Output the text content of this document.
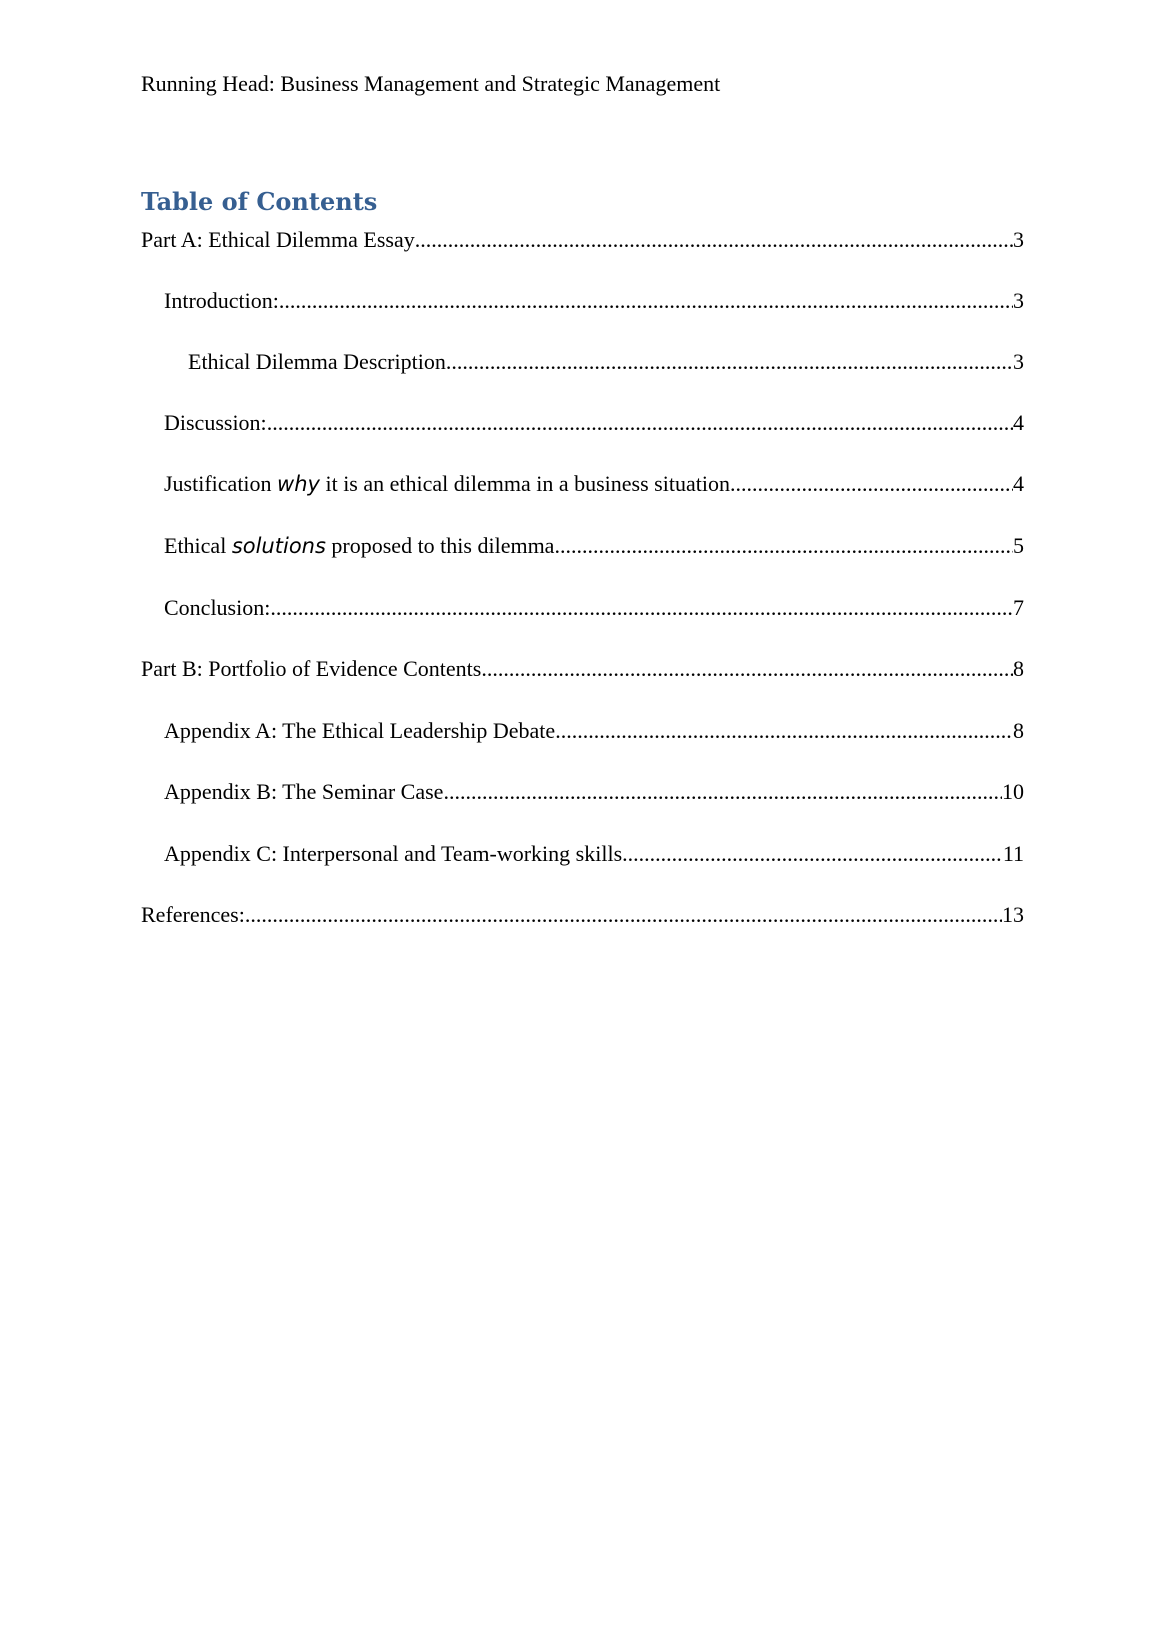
Running Head: Business Management and Strategic Management
Table of Contents
Part A: Ethical Dilemma Essay .....	3
Introduction: .....	3
Ethical Dilemma Description .....	3
Discussion: .....	4
Justification why it is an ethical dilemma in a business situation .....	4
Ethical solutions proposed to this dilemma .....	5
Conclusion: .....	7
Part B: Portfolio of Evidence Contents .....	8
Appendix A: The Ethical Leadership Debate .....	8
Appendix B: The Seminar Case .....	10
Appendix C: Interpersonal and Team-working skills .....	11
References: .....	13
